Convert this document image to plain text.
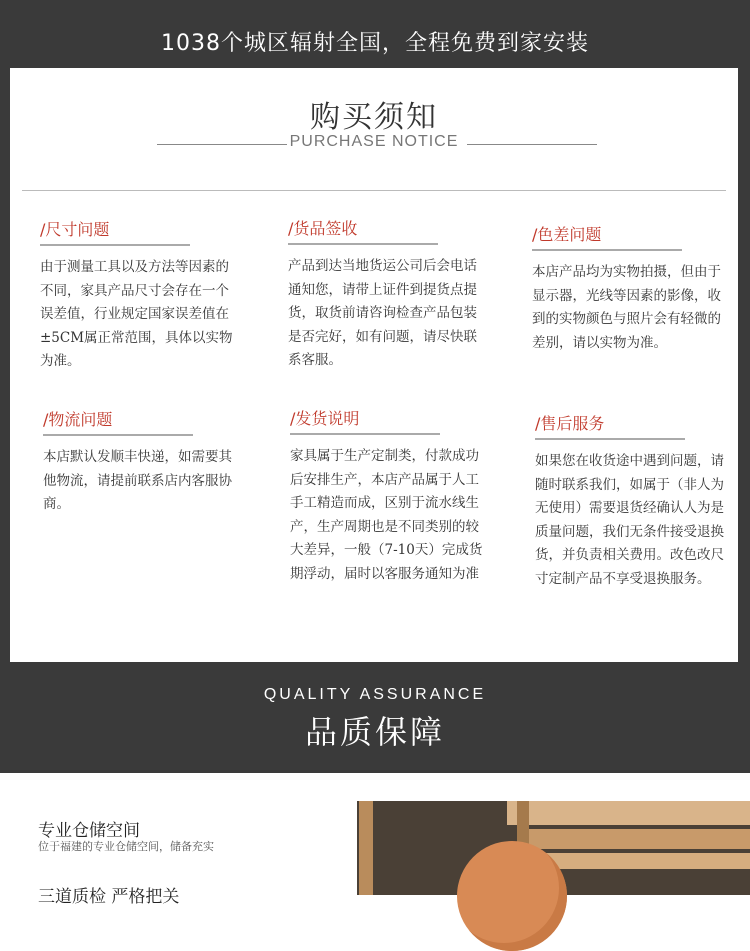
1038个城区辐射全国，全程免费到家安装
购买须知
PURCHASE NOTICE
/尺寸问题
由于测量工具以及方法等因素的不同，家具产品尺寸会存在一个误差值，行业规定国家误差值在±5CM属正常范围，具体以实物为准。
/货品签收
产品到达当地货运公司后会电话通知您，请带上证件到提货点提货，取货前请咨询检查产品包装是否完好，如有问题，请尽快联系客服。
/色差问题
本店产品均为实物拍摄，但由于显示器，光线等因素的影像，收到的实物颜色与照片会有轻微的差别，请以实物为准。
/物流问题
本店默认发顺丰快递，如需要其他物流，请提前联系店内客服协商。
/发货说明
家具属于生产定制类，付款成功后安排生产，本店产品属于人工手工精造而成，区别于流水线生产，生产周期也是不同类别的较大差异，一般（7-10天）完成货期浮动，届时以客服务通知为准
/售后服务
如果您在收货途中遇到问题，请随时联系我们，如属于（非人为无使用）需要退货经确认人为是质量问题，我们无条件接受退换货，并负责相关费用。改色改尺寸定制产品不享受退换服务。
QUALITY ASSURANCE
品质保障
专业仓储空间
位于福建的专业仓储空间，储备充实
三道质检 严格把关
